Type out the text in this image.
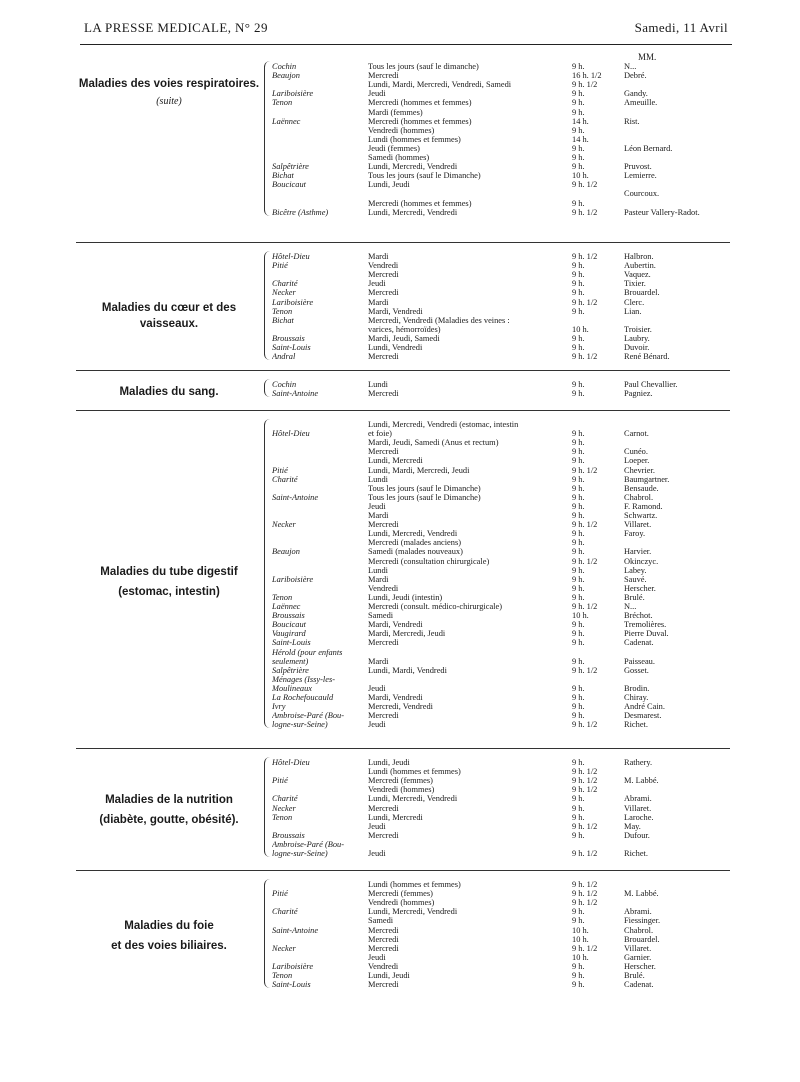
LA PRESSE MEDICALE, N° 29	Samedi, 11 Avril
MM.
Maladies des voies respiratoires.
(suite)
Cochin	Tous les jours (sauf le dimanche)	9 h.	N...
Beaujon	Mercredi	16 h. 1/2	Debré.
Lundi, Mardi, Mercredi, Vendredi, Samedi	9 h. 1/2
Lariboisière	Jeudi	9 h.	Gandy.
Tenon	Mercredi (hommes et femmes)	9 h.	Ameuille.
Mardi (femmes)	9 h.
Laënnec	Mercredi (hommes et femmes)	14 h.	Rist.
Vendredi (hommes)	9 h.
Lundi (hommes et femmes)	14 h.
Jeudi (femmes)	9 h.	Léon Bernard.
Samedi (hommes)	9 h.
Salpêtrière	Lundi, Mercredi, Vendredi	9 h.	Pruvost.
Bichat	Tous les jours (sauf le Dimanche)	10 h.	Lemierre.
Boucicaut	Lundi, Jeudi	9 h. 1/2
Courcoux.
Mercredi (hommes et femmes)	9 h.
Bicêtre (Asthme)	Lundi, Mercredi, Vendredi	9 h. 1/2	Pasteur Vallery-Radot.
Maladies du cœur et des vaisseaux.
Hôtel-Dieu	Mardi	9 h. 1/2	Halbron.
Pitié	Vendredi	9 h.	Aubertin.
Mercredi	9 h.	Vaquez.
Charité	Jeudi	9 h.	Tixier.
Necker	Mercredi	9 h.	Brouardel.
Lariboisière	Mardi	9 h. 1/2	Clerc.
Tenon	Mardi, Vendredi	9 h.	Lian.
Bichat	Mercredi, Vendredi (Maladies des veines :
varices, hémorroïdes)	10 h.	Troisier.
Broussais	Mardi, Jeudi, Samedi	9 h.	Laubry.
Saint-Louis	Lundi, Vendredi	9 h.	Duvoir.
Andral	Mercredi	9 h. 1/2	René Bénard.
Maladies du sang.
Cochin	Lundi	9 h.	Paul Chevallier.
Saint-Antoine	Mercredi	9 h.	Pagniez.
Maladies du tube digestif
(estomac, intestin)
Lundi, Mercredi, Vendredi (estomac, intestin
Hôtel-Dieu	et foie)	9 h.	Carnot.
Mardi, Jeudi, Samedi (Anus et rectum)	9 h.
Mercredi	9 h.	Cunéo.
Lundi, Mercredi	9 h.	Loeper.
Pitié	Lundi, Mardi, Mercredi, Jeudi	9 h. 1/2	Chevrier.
Charité	Lundi	9 h.	Baumgartner.
Tous les jours (sauf le Dimanche)	9 h.	Bensaude.
Saint-Antoine	Tous les jours (sauf le Dimanche)	9 h.	Chabrol.
Jeudi	9 h.	F. Ramond.
Mardi	9 h.	Schwartz.
Necker	Mercredi	9 h. 1/2	Villaret.
Lundi, Mercredi, Vendredi	9 h.	Faroy.
Mercredi (malades anciens)	9 h.
Beaujon	Samedi (malades nouveaux)	9 h.	Harvier.
Mercredi (consultation chirurgicale)	9 h. 1/2	Okinczyc.
Lundi	9 h.	Labey.
Lariboisière	Mardi	9 h.	Sauvé.
Vendredi	9 h.	Herscher.
Tenon	Lundi, Jeudi (intestin)	9 h.	Brulé.
Laënnec	Mercredi (consult. médico-chirurgicale)	9 h. 1/2	N...
Broussais	Samedi	10 h.	Bréchot.
Boucicaut	Mardi, Vendredi	9 h.	Tremolières.
Vaugirard	Mardi, Mercredi, Jeudi	9 h.	Pierre Duval.
Saint-Louis	Mercredi	9 h.	Cadenat.
Hérold (pour enfants
seulement)	Mardi	9 h.	Paisseau.
Salpêtrière	Lundi, Mardi, Vendredi	9 h. 1/2	Gosset.
Ménages (Issy-les-
Moulineaux	Jeudi	9 h.	Brodin.
La Rochefoucauld	Mardi, Vendredi	9 h.	Chiray.
Ivry	Mercredi, Vendredi	9 h.	André Cain.
Ambroise-Paré (Bou-	Mercredi	9 h.	Desmarest.
logne-sur-Seine)	Jeudi	9 h. 1/2	Richet.
Maladies de la nutrition
(diabète, goutte, obésité).
Hôtel-Dieu	Lundi, Jeudi	9 h.	Rathery.
Lundi (hommes et femmes)	9 h. 1/2
Pitié	Mercredi (femmes)	9 h. 1/2	M. Labbé.
Vendredi (hommes)	9 h. 1/2
Charité	Lundi, Mercredi, Vendredi	9 h.	Abrami.
Necker	Mercredi	9 h.	Villaret.
Tenon	Lundi, Mercredi	9 h.	Laroche.
Jeudi	9 h. 1/2	May.
Broussais	Mercredi	9 h.	Dufour.
Ambroise-Paré (Bou-
logne-sur-Seine)	Jeudi	9 h. 1/2	Richet.
Maladies du foie
et des voies biliaires.
Lundi (hommes et femmes)	9 h. 1/2
Pitié	Mercredi (femmes)	9 h. 1/2	M. Labbé.
Vendredi (hommes)	9 h. 1/2
Charité	Lundi, Mercredi, Vendredi	9 h.	Abrami.
Samedi	9 h.	Fiessinger.
Saint-Antoine	Mercredi	10 h.	Chabrol.
Mercredi	10 h.	Brouardel.
Necker	Mercredi	9 h. 1/2	Villaret.
Jeudi	10 h.	Garnier.
Lariboisière	Vendredi	9 h.	Herscher.
Tenon	Lundi, Jeudi	9 h.	Brulé.
Saint-Louis	Mercredi	9 h.	Cadenat.
